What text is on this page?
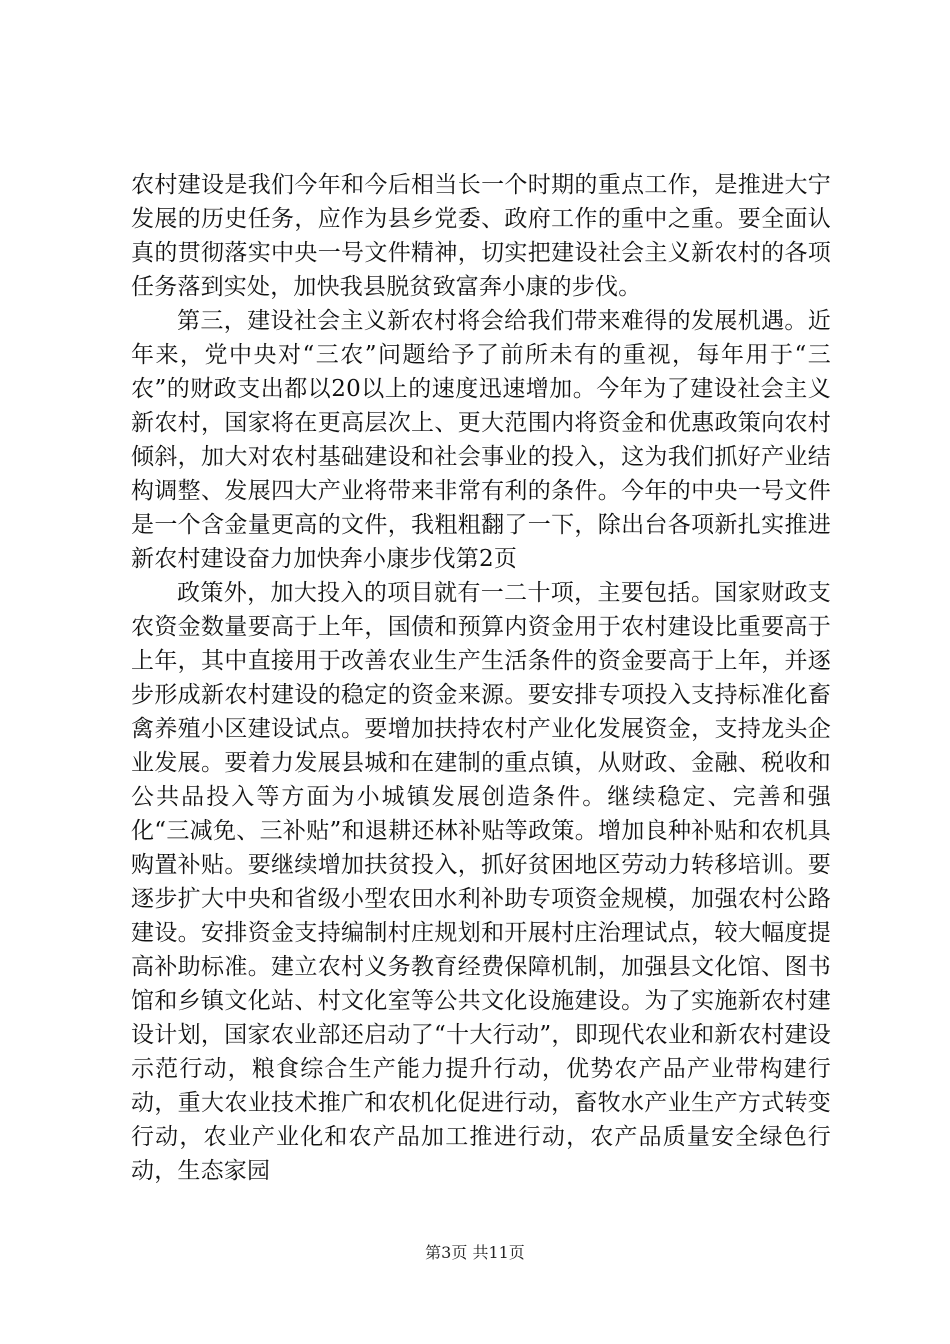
农村建设是我们今年和今后相当长一个时期的重点工作，是推进大宁发展的历史任务，应作为县乡党委、政府工作的重中之重。要全面认真的贯彻落实中央一号文件精神，切实把建设社会主义新农村的各项任务落到实处，加快我县脱贫致富奔小康的步伐。

第三，建设社会主义新农村将会给我们带来难得的发展机遇。近年来，党中央对“三农”问题给予了前所未有的重视，每年用于“三农”的财政支出都以20以上的速度迅速增加。今年为了建设社会主义新农村，国家将在更高层次上、更大范围内将资金和优惠政策向农村倾斜，加大对农村基础建设和社会事业的投入，这为我们抓好产业结构调整、发展四大产业将带来非常有利的条件。今年的中央一号文件是一个含金量更高的文件，我粗粗翻了一下，除出台各项新扎实推进新农村建设奋力加快奔小康步伐第2页

政策外，加大投入的项目就有一二十项，主要包括。国家财政支农资金数量要高于上年，国债和预算内资金用于农村建设比重要高于上年，其中直接用于改善农业生产生活条件的资金要高于上年，并逐步形成新农村建设的稳定的资金来源。要安排专项投入支持标准化畜禽养殖小区建设试点。要增加扶持农村产业化发展资金，支持龙头企业发展。要着力发展县城和在建制的重点镇，从财政、金融、税收和公共品投入等方面为小城镇发展创造条件。继续稳定、完善和强化“三减免、三补贴”和退耕还林补贴等政策。增加良种补贴和农机具购置补贴。要继续增加扶贫投入，抓好贫困地区劳动力转移培训。要逐步扩大中央和省级小型农田水利补助专项资金规模，加强农村公路建设。安排资金支持编制村庄规划和开展村庄治理试点，较大幅度提高补助标准。建立农村义务教育经费保障机制，加强县文化馆、图书馆和乡镇文化站、村文化室等公共文化设施建设。为了实施新农村建设计划，国家农业部还启动了“十大行动”，即现代农业和新农村建设示范行动，粮食综合生产能力提升行动，优势农产品产业带构建行动，重大农业技术推广和农机化促进行动，畜牧水产业生产方式转变行动，农业产业化和农产品加工推进行动，农产品质量安全绿色行动，生态家园

第3页 共11页
